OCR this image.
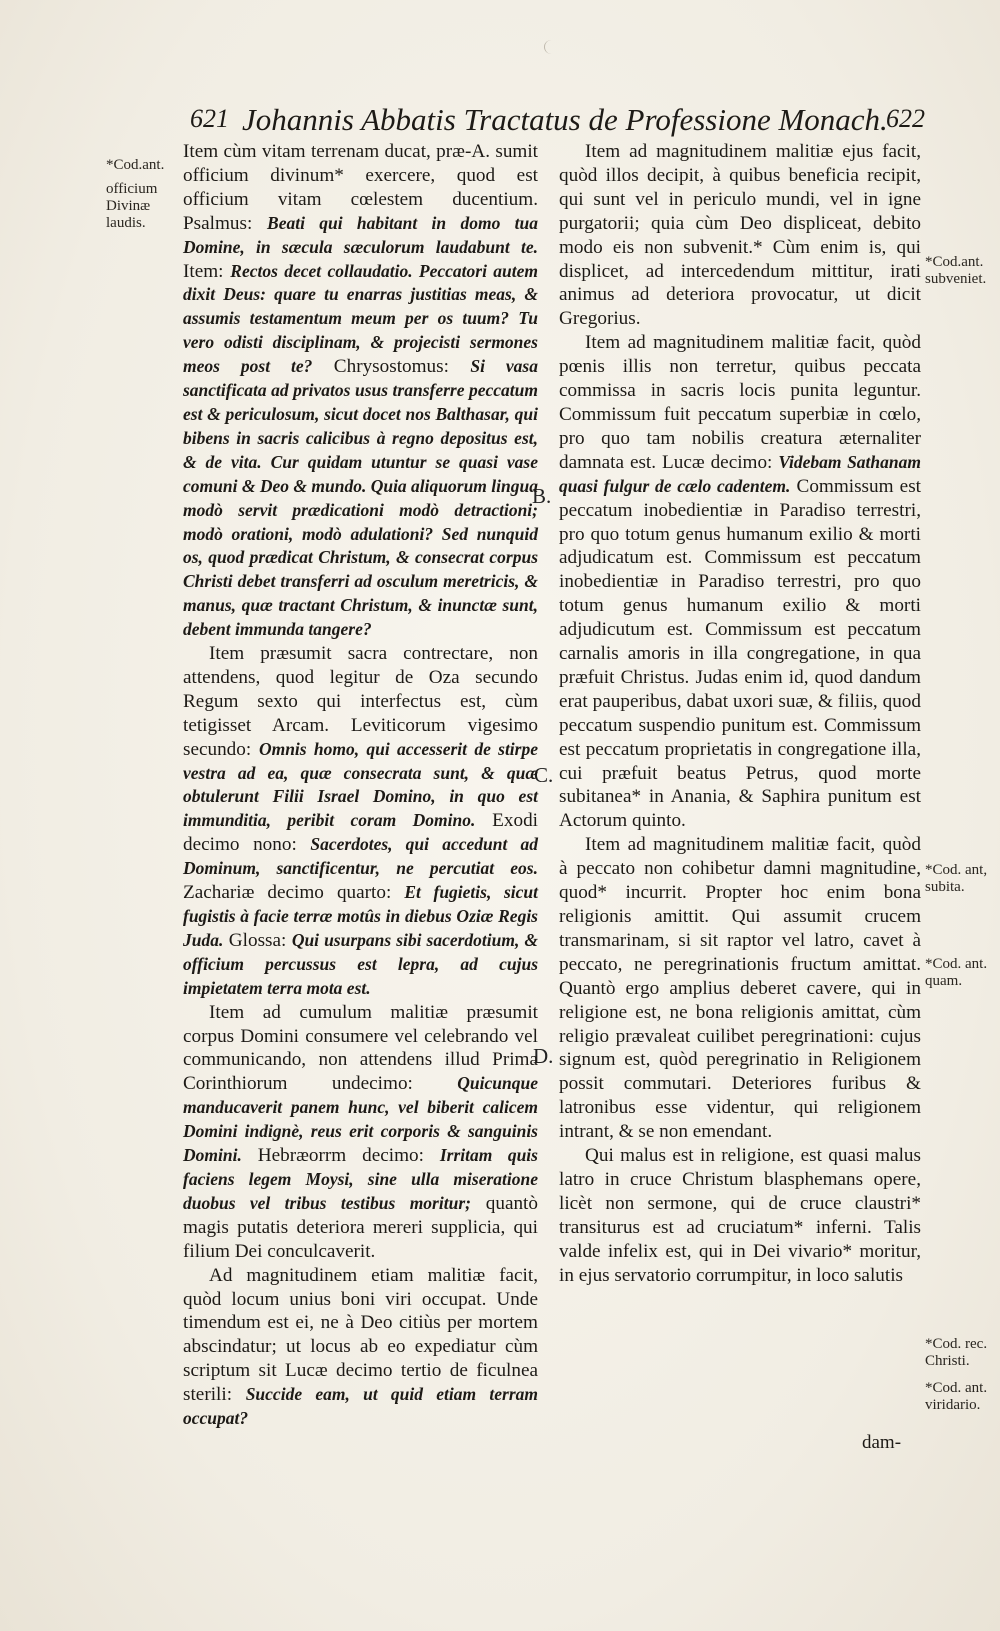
621 Johannis Abbatis Tractatus de Professione Monach.
622
*Cod.ant.
officium Divinæ laudis.
*Cod.ant. subveniet.
*Cod. ant, subita.
*Cod. ant. quam.
*Cod. rec. Christi.
*Cod. ant. viridario.
B.
C.
D.

Item cùm vitam terrenam ducat, præ-A. sumit officium divinum* exercere, quod est officium vitam cœlestem ducentium. Psalmus: Beati qui habitant in domo tua Domine, in sæcula sæculorum laudabunt te. Item: Rectos decet collaudatio. Peccatori autem dixit Deus: quare tu enarras justitias meas, & assumis testamentum meum per os tuum? Tu vero odisti disciplinam, & projecisti sermones meos post te? Chrysostomus: Si vasa sanctificata ad privatos usus transferre peccatum est & periculosum, sicut docet nos Balthasar, qui bibens in sacris calicibus à regno depositus est, & de vita. Cur quidam utuntur se quasi vase comuni & Deo & mundo. Quia aliquorum lingua modò servit prædicationi modò detractioni; modò orationi, modò adulationi? Sed nunquid os, quod prædicat Christum, & consecrat corpus Christi debet transferri ad osculum meretricis, & manus, quæ tractant Christum, & inunctæ sunt, debent immunda tangere?

Item præsumit sacra contrectare, non attendens, quod legitur de Oza secundo Regum sexto qui interfectus est, cùm tetigisset Arcam. Leviticorum vigesimo secundo: Omnis homo, qui accesserit de stirpe vestra ad ea, quæ consecrata sunt, & quæ obtulerunt Filii Israel Domino, in quo est immunditia, peribit coram Domino. Exodi decimo nono: Sacerdotes, qui accedunt ad Dominum, sanctificentur, ne percutiat eos. Zachariæ decimo quarto: Et fugietis, sicut fugistis à facie terræ motûs in diebus Oziæ Regis Juda. Glossa: Qui usurpans sibi sacerdotium, & officium percussus est lepra, ad cujus impietatem terra mota est.

Item ad cumulum malitiæ præsumit corpus Domini consumere vel celebrando vel communicando, non attendens illud Prima Corinthiorum undecimo: Quicunque manducaverit panem hunc, vel biberit calicem Domini indignè, reus erit corporis & sanguinis Domini. Hebræorrm decimo: Irritam quis faciens legem Moysi, sine ulla miseratione duobus vel tribus testibus moritur; quantò magis putatis deteriora mereri supplicia, qui filium Dei conculcaverit.

Ad magnitudinem etiam malitiæ facit, quòd locum unius boni viri occupat. Unde timendum est ei, ne à Deo citiùs per mortem abscindatur; ut locus ab eo expediatur cùm scriptum sit Lucæ decimo tertio de ficulnea sterili: Succide eam, ut quid etiam terram occupat?

Item ad magnitudinem malitiæ ejus facit, quòd illos decipit, à quibus beneficia recipit, qui sunt vel in periculo mundi, vel in igne purgatorii; quia cùm Deo displiceat, debito modo eis non subvenit.* Cùm enim is, qui displicet, ad intercedendum mittitur, irati animus ad deteriora provocatur, ut dicit Gregorius.

Item ad magnitudinem malitiæ facit, quòd pœnis illis non terretur, quibus peccata commissa in sacris locis punita leguntur. Commissum fuit peccatum superbiæ in cœlo, pro quo tam nobilis creatura æternaliter damnata est. Lucæ decimo: Videbam Sathanam quasi fulgur de cælo cadentem. Commissum est peccatum inobedientiæ in Paradiso terrestri, pro quo totum genus humanum exilio & morti adjudicatum est. Commissum est peccatum inobedientiæ in Paradiso terrestri, pro quo totum genus humanum exilio & morti adjudicutum est. Commissum est peccatum carnalis amoris in illa congregatione, in qua præfuit Christus. Judas enim id, quod dandum erat pauperibus, dabat uxori suæ, & filiis, quod peccatum suspendio punitum est. Commissum est peccatum proprietatis in congregatione illa, cui præfuit beatus Petrus, quod morte subitanea* in Anania, & Saphira punitum est Actorum quinto.

Item ad magnitudinem malitiæ facit, quòd à peccato non cohibetur damni magnitudine, quod* incurrit. Propter hoc enim bona religionis amittit. Qui assumit crucem transmarinam, si sit raptor vel latro, cavet à peccato, ne peregrinationis fructum amittat. Quantò ergo amplius deberet cavere, qui in religione est, ne bona religionis amittat, cùm religio prævaleat cuilibet peregrinationi: cujus signum est, quòd peregrinatio in Religionem possit commutari. Deteriores furibus & latronibus esse videntur, qui religionem intrant, & se non emendant.

Qui malus est in religione, est quasi malus latro in cruce Christum blasphemans opere, licèt non sermone, qui de cruce claustri* transiturus est ad cruciatum* inferni. Talis valde infelix est, qui in Dei vivario* moritur, in ejus servatorio corrumpitur, in loco salutis

dam-
